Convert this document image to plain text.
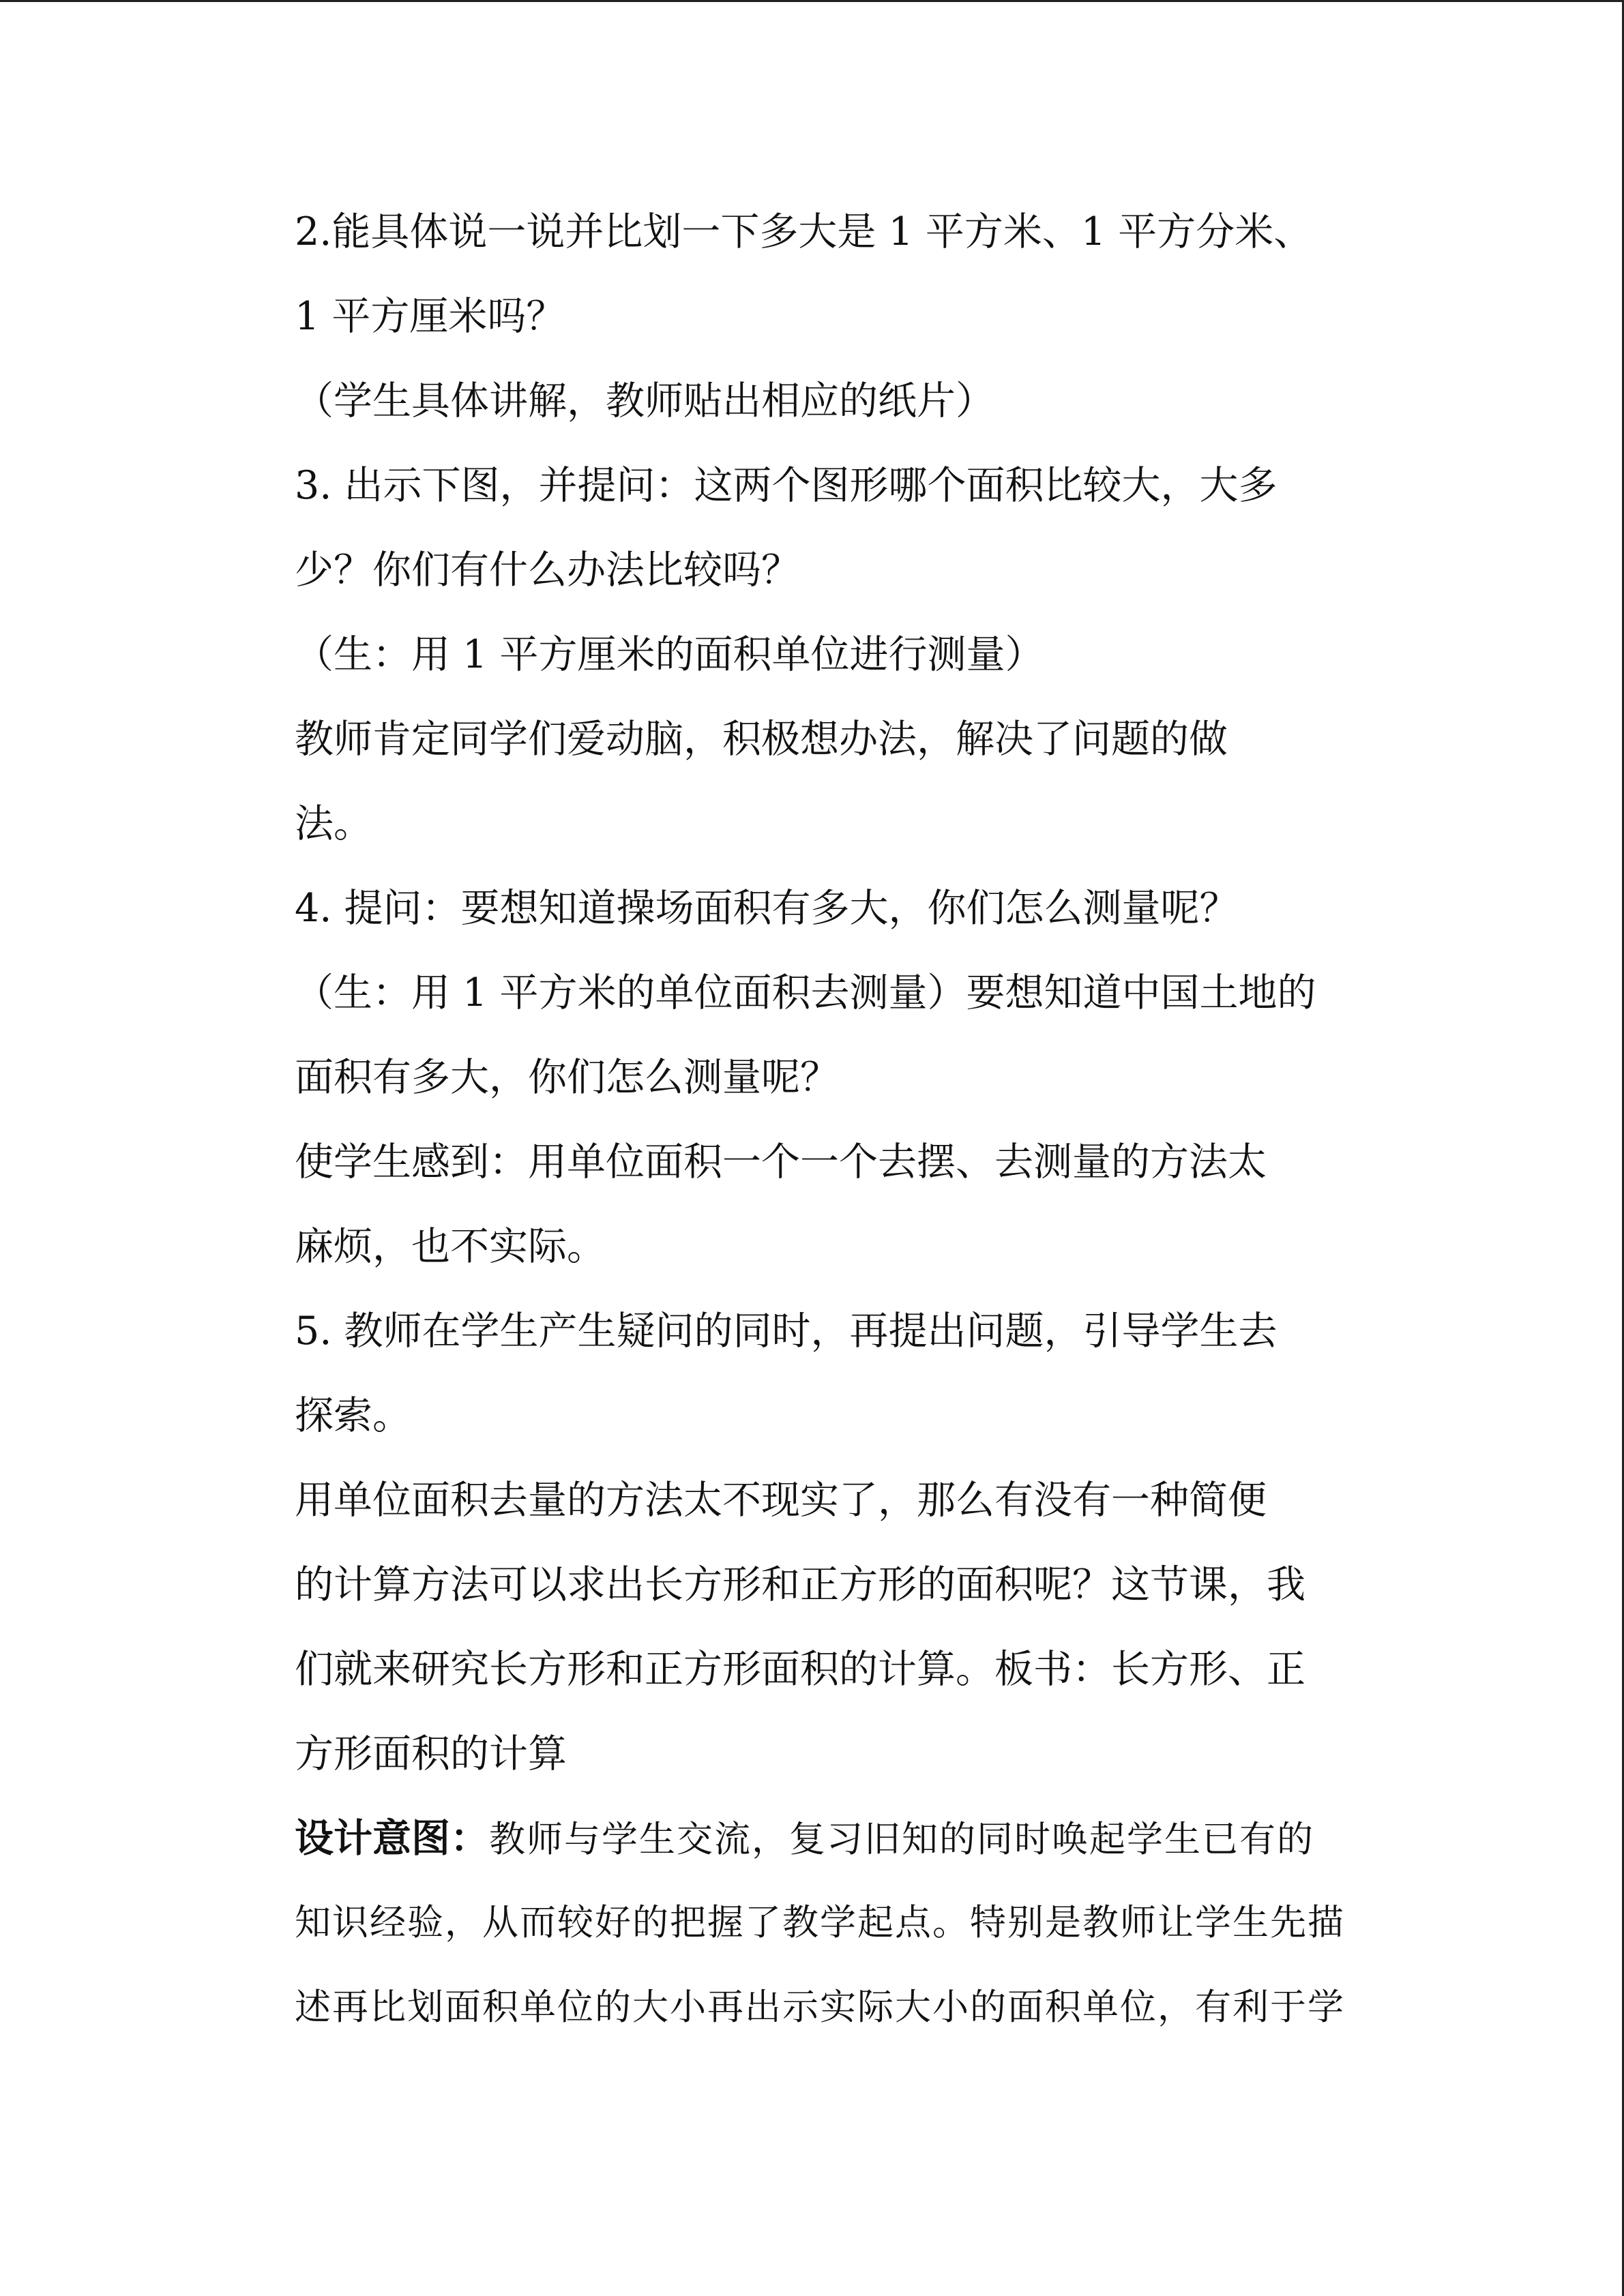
2.能具体说一说并比划一下多大是 1 平方米、1 平方分米、
1 平方厘米吗？
（学生具体讲解，教师贴出相应的纸片）
3. 出示下图，并提问：这两个图形哪个面积比较大，大多
少？你们有什么办法比较吗？
（生：用 1 平方厘米的面积单位进行测量）
教师肯定同学们爱动脑，积极想办法，解决了问题的做
法。
4. 提问：要想知道操场面积有多大，你们怎么测量呢？
（生：用 1 平方米的单位面积去测量）要想知道中国土地的
面积有多大，你们怎么测量呢？
使学生感到：用单位面积一个一个去摆、去测量的方法太
麻烦，也不实际。
5. 教师在学生产生疑问的同时，再提出问题，引导学生去
探索。
用单位面积去量的方法太不现实了，那么有没有一种简便
的计算方法可以求出长方形和正方形的面积呢？这节课，我
们就来研究长方形和正方形面积的计算。板书：长方形、正
方形面积的计算
设计意图：教师与学生交流，复习旧知的同时唤起学生已有的
知识经验，从而较好的把握了教学起点。特别是教师让学生先描
述再比划面积单位的大小再出示实际大小的面积单位，有利于学
